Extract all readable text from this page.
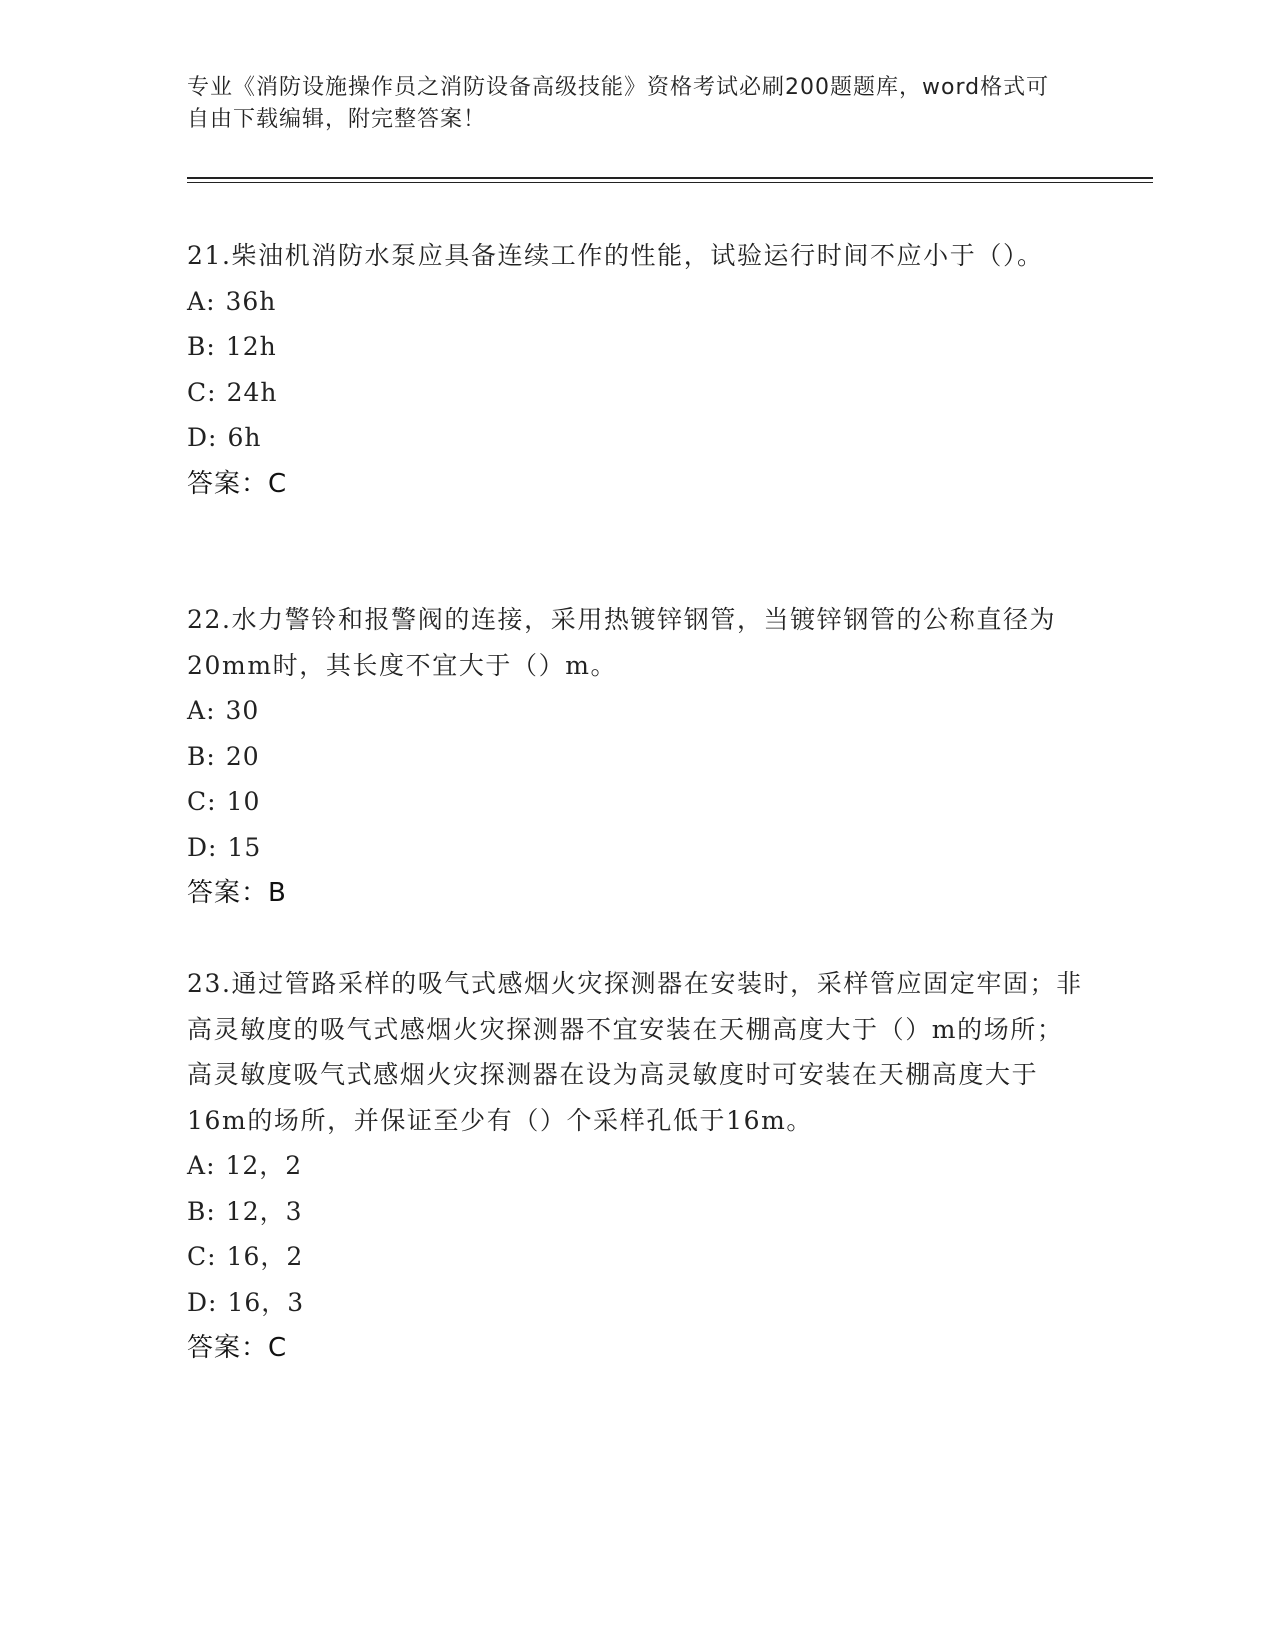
专业《消防设施操作员之消防设备高级技能》资格考试必刷200题题库，word格式可自由下载编辑，附完整答案！

21.柴油机消防水泵应具备连续工作的性能，试验运行时间不应小于（）。

A: 36h

B: 12h

C: 24h

D: 6h

答案：C

22.水力警铃和报警阀的连接，采用热镀锌钢管，当镀锌钢管的公称直径为20mm时，其长度不宜大于（）m。

A: 30

B: 20

C: 10

D: 15

答案：B

23.通过管路采样的吸气式感烟火灾探测器在安装时，采样管应固定牢固；非高灵敏度的吸气式感烟火灾探测器不宜安装在天棚高度大于（）m的场所；高灵敏度吸气式感烟火灾探测器在设为高灵敏度时可安装在天棚高度大于16m的场所，并保证至少有（）个采样孔低于16m。

A: 12，2

B: 12，3

C: 16，2

D: 16，3

答案：C
